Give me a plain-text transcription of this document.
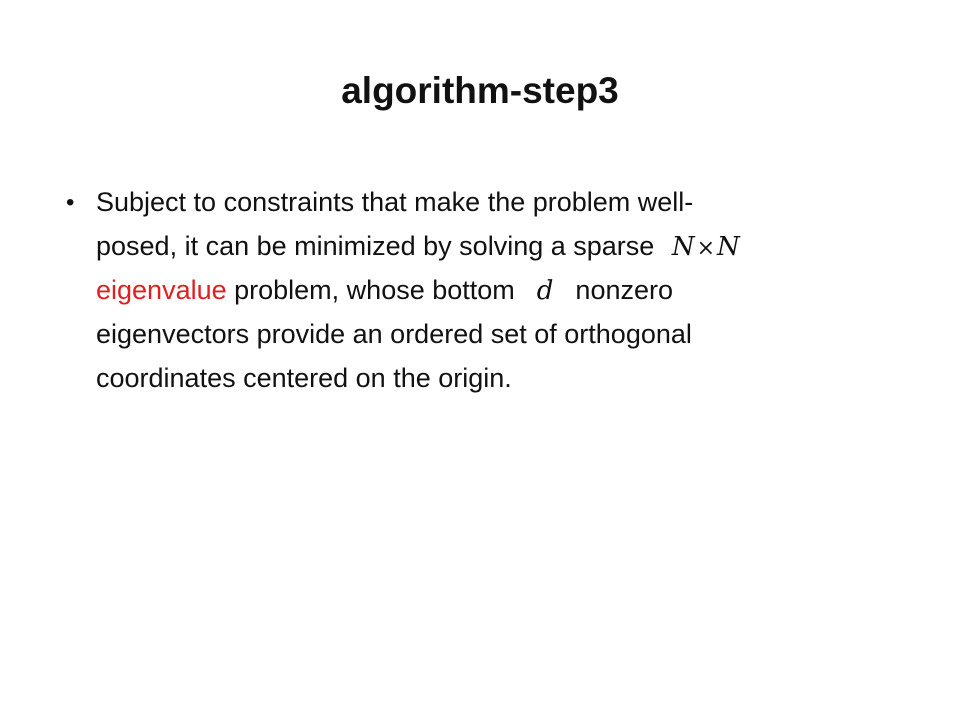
algorithm-step3
• Subject to constraints that make the problem well-
posed, it can be minimized by solving a sparse N×N
eigenvalue problem, whose bottom d nonzero
eigenvectors provide an ordered set of orthogonal
coordinates centered on the origin.
